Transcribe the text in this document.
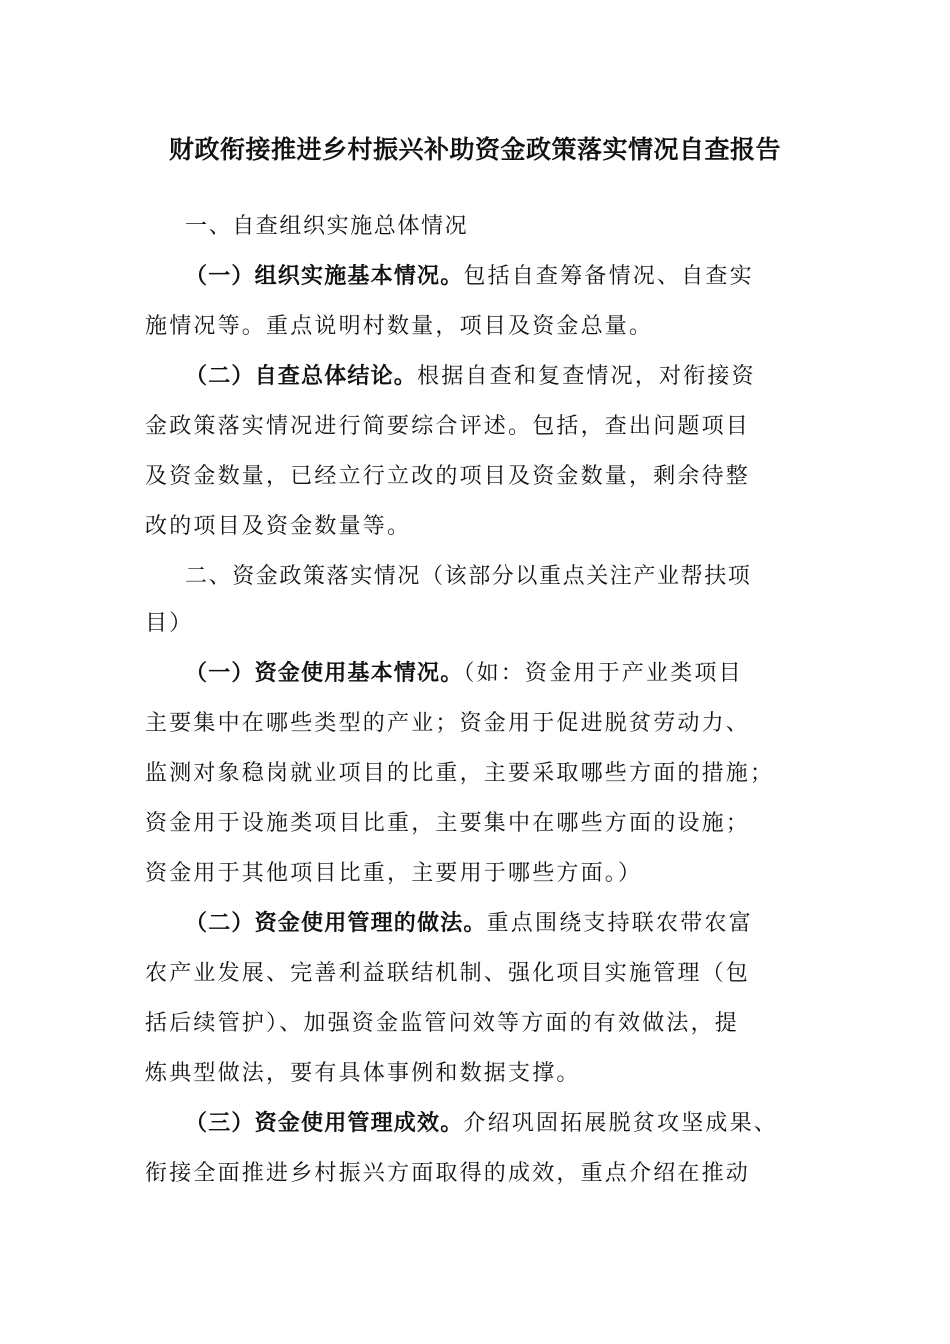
财政衔接推进乡村振兴补助资金政策落实情况自查报告
一、自查组织实施总体情况
（一）组织实施基本情况。包括自查筹备情况、自查实
施情况等。重点说明村数量，项目及资金总量。
（二）自查总体结论。根据自查和复查情况，对衔接资
金政策落实情况进行简要综合评述。包括，查出问题项目
及资金数量，已经立行立改的项目及资金数量，剩余待整
改的项目及资金数量等。
二、资金政策落实情况（该部分以重点关注产业帮扶项
目）
（一）资金使用基本情况。（如：资金用于产业类项目
主要集中在哪些类型的产业；资金用于促进脱贫劳动力、
监测对象稳岗就业项目的比重，主要采取哪些方面的措施；
资金用于设施类项目比重，主要集中在哪些方面的设施；
资金用于其他项目比重，主要用于哪些方面。）
（二）资金使用管理的做法。重点围绕支持联农带农富
农产业发展、完善利益联结机制、强化项目实施管理（包
括后续管护）、加强资金监管问效等方面的有效做法，提
炼典型做法，要有具体事例和数据支撑。
（三）资金使用管理成效。介绍巩固拓展脱贫攻坚成果、
衔接全面推进乡村振兴方面取得的成效，重点介绍在推动
